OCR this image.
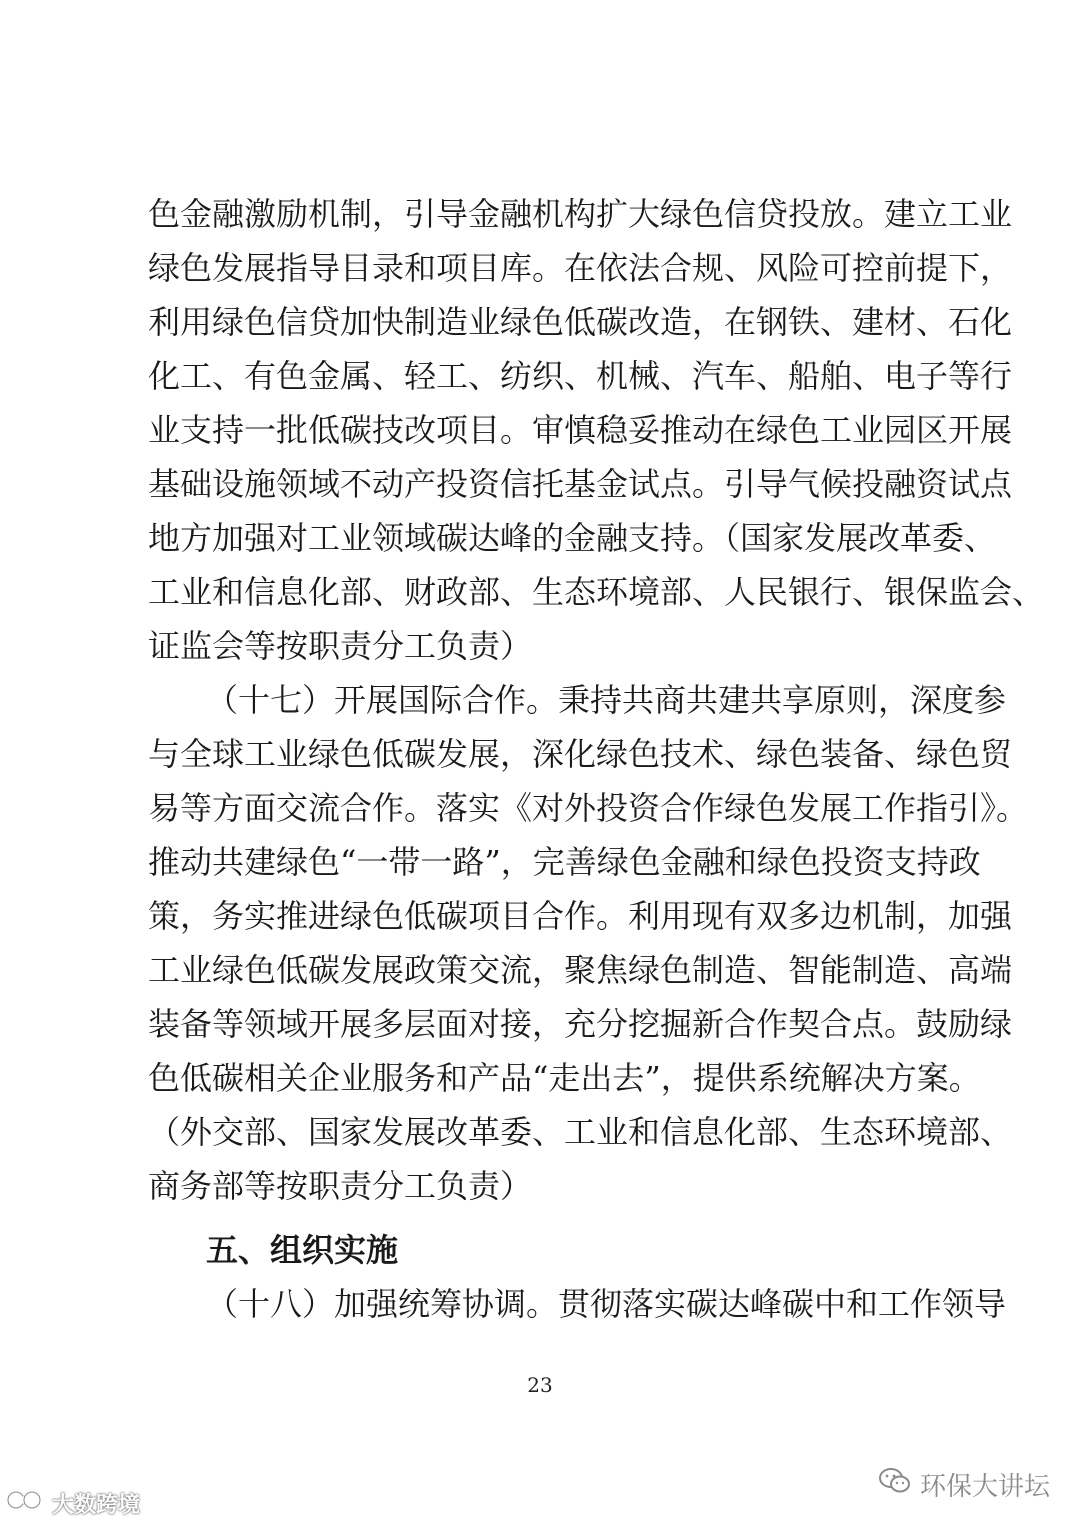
色金融激励机制，引导金融机构扩大绿色信贷投放。建立工业
绿色发展指导目录和项目库。在依法合规、风险可控前提下，
利用绿色信贷加快制造业绿色低碳改造，在钢铁、建材、石化
化工、有色金属、轻工、纺织、机械、汽车、船舶、电子等行
业支持一批低碳技改项目。审慎稳妥推动在绿色工业园区开展
基础设施领域不动产投资信托基金试点。引导气候投融资试点
地方加强对工业领域碳达峰的金融支持。（国家发展改革委、
工业和信息化部、财政部、生态环境部、人民银行、银保监会、
证监会等按职责分工负责）
（十七）开展国际合作。秉持共商共建共享原则，深度参
与全球工业绿色低碳发展，深化绿色技术、绿色装备、绿色贸
易等方面交流合作。落实《对外投资合作绿色发展工作指引》。
推动共建绿色“一带一路”，完善绿色金融和绿色投资支持政
策，务实推进绿色低碳项目合作。利用现有双多边机制，加强
工业绿色低碳发展政策交流，聚焦绿色制造、智能制造、高端
装备等领域开展多层面对接，充分挖掘新合作契合点。鼓励绿
色低碳相关企业服务和产品“走出去”，提供系统解决方案。
（外交部、国家发展改革委、工业和信息化部、生态环境部、
商务部等按职责分工负责）
五、组织实施
（十八）加强统筹协调。贯彻落实碳达峰碳中和工作领导
23
环保大讲坛
大数跨境
